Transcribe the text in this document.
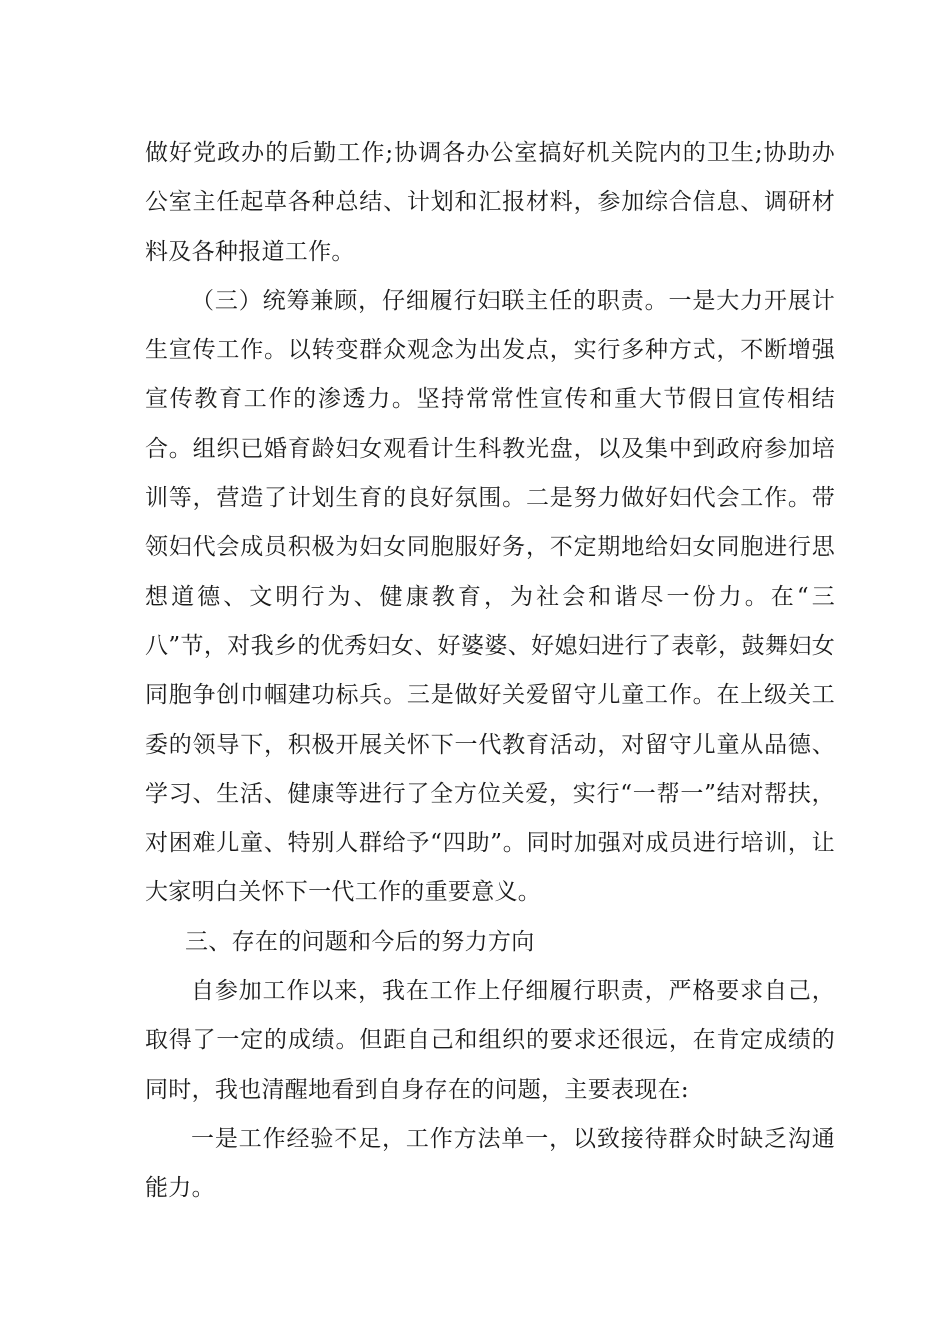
做好党政办的后勤工作;协调各办公室搞好机关院内的卫生;协助办公室主任起草各种总结、计划和汇报材料，参加综合信息、调研材料及各种报道工作。

（三）统筹兼顾，仔细履行妇联主任的职责。一是大力开展计生宣传工作。以转变群众观念为出发点，实行多种方式，不断增强宣传教育工作的渗透力。坚持常常性宣传和重大节假日宣传相结合。组织已婚育龄妇女观看计生科教光盘，以及集中到政府参加培训等，营造了计划生育的良好氛围。二是努力做好妇代会工作。带领妇代会成员积极为妇女同胞服好务，不定期地给妇女同胞进行思想道德、文明行为、健康教育，为社会和谐尽一份力。在“三八”节，对我乡的优秀妇女、好婆婆、好媳妇进行了表彰，鼓舞妇女同胞争创巾帼建功标兵。三是做好关爱留守儿童工作。在上级关工委的领导下，积极开展关怀下一代教育活动，对留守儿童从品德、学习、生活、健康等进行了全方位关爱，实行“一帮一”结对帮扶，对困难儿童、特别人群给予“四助”。同时加强对成员进行培训，让大家明白关怀下一代工作的重要意义。

三、存在的问题和今后的努力方向

自参加工作以来，我在工作上仔细履行职责，严格要求自己，取得了一定的成绩。但距自己和组织的要求还很远，在肯定成绩的同时，我也清醒地看到自身存在的问题，主要表现在:

一是工作经验不足，工作方法单一，以致接待群众时缺乏沟通能力。
